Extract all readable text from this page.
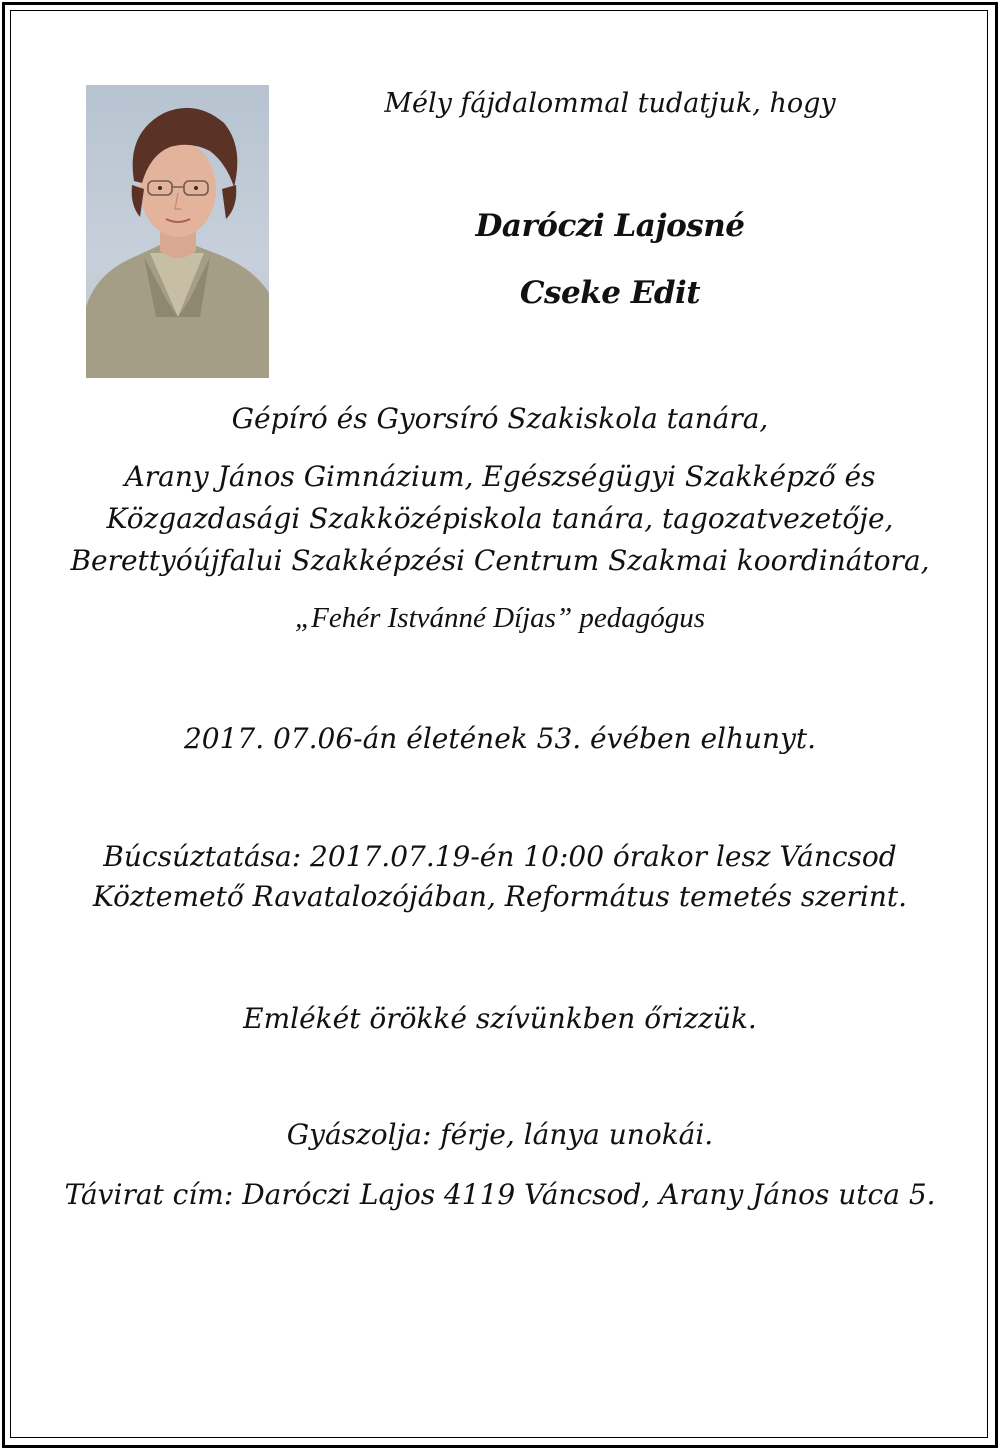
Mély fájdalommal tudatjuk, hogy
Daróczi Lajosné
Cseke Edit
Gépíró és Gyorsíró Szakiskola tanára,
Arany János Gimnázium, Egészségügyi Szakképző és
Közgazdasági Szakközépiskola tanára, tagozatvezetője,
Berettyóújfalui Szakképzési Centrum Szakmai koordinátora,
„Fehér Istvánné Díjas” pedagógus
2017. 07.06-án életének 53. évében elhunyt.
Búcsúztatása: 2017.07.19-én 10:00 órakor lesz Váncsod
Köztemető Ravatalozójában, Református temetés szerint.
Emlékét örökké szívünkben őrizzük.
Gyászolja: férje, lánya unokái.
Távirat cím: Daróczi Lajos 4119 Váncsod, Arany János utca 5.
